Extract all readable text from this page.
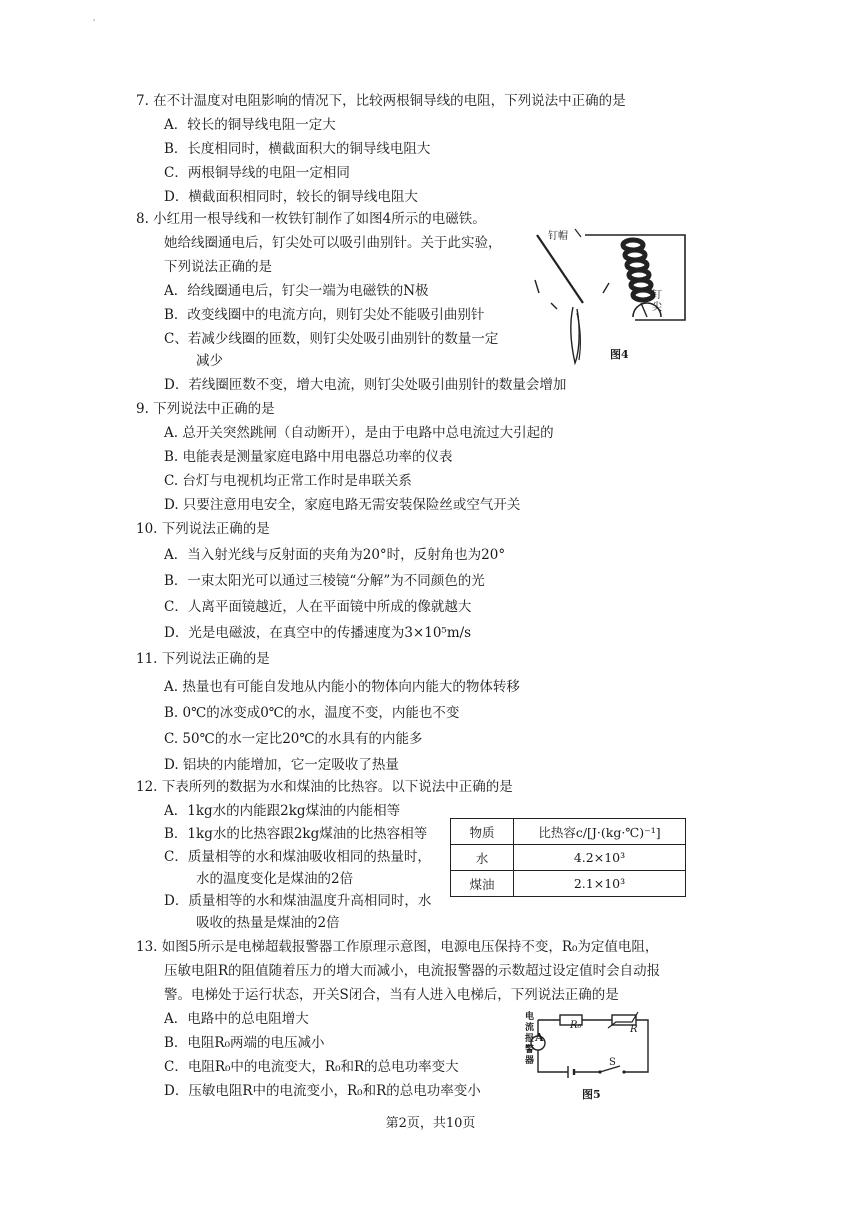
'
7. 在不计温度对电阻影响的情况下，比较两根铜导线的电阻，下列说法中正确的是
A．较长的铜导线电阻一定大
B．长度相同时，横截面积大的铜导线电阻大
C．两根铜导线的电阻一定相同
D．横截面积相同时，较长的铜导线电阻大
8. 小红用一根导线和一枚铁钉制作了如图4所示的电磁铁。
她给线圈通电后，钉尖处可以吸引曲别针。关于此实验，
下列说法正确的是
A．给线圈通电后，钉尖一端为电磁铁的N极
B．改变线圈中的电流方向，则钉尖处不能吸引曲别针
C、若减少线圈的匝数，则钉尖处吸引曲别针的数量一定
减少
D．若线圈匝数不变，增大电流，则钉尖处吸引曲别针的数量会增加
钉帽
钉尖
图4
9. 下列说法中正确的是
A. 总开关突然跳闸（自动断开），是由于电路中总电流过大引起的
B. 电能表是测量家庭电路中用电器总功率的仪表
C. 台灯与电视机均正常工作时是串联关系
D. 只要注意用电安全，家庭电路无需安装保险丝或空气开关
10. 下列说法正确的是
A．当入射光线与反射面的夹角为20°时，反射角也为20°
B．一束太阳光可以通过三棱镜“分解”为不同颜色的光
C．人离平面镜越近，人在平面镜中所成的像就越大
D．光是电磁波，在真空中的传播速度为3×10⁵m/s
11. 下列说法正确的是
A. 热量也有可能自发地从内能小的物体向内能大的物体转移
B. 0℃的冰变成0℃的水，温度不变，内能也不变
C. 50℃的水一定比20℃的水具有的内能多
D. 铝块的内能增加，它一定吸收了热量
12. 下表所列的数据为水和煤油的比热容。以下说法中正确的是
A．1kg水的内能跟2kg煤油的内能相等
B．1kg水的比热容跟2kg煤油的比热容相等
C．质量相等的水和煤油吸收相同的热量时，
水的温度变化是煤油的2倍
D．质量相等的水和煤油温度升高相同时，水
吸收的热量是煤油的2倍
物质	比热容c/[J·(kg·℃)⁻¹]
水	4.2×10³
煤油	2.1×10³
13. 如图5所示是电梯超载报警器工作原理示意图，电源电压保持不变，R₀为定值电阻，
压敏电阻R的阻值随着压力的增大而减小，电流报警器的示数超过设定值时会自动报
警。电梯处于运行状态，开关S闭合，当有人进入电梯后，下列说法正确的是
A．电路中的总电阻增大
B．电阻R₀两端的电压减小
C．电阻R₀中的电流变大，R₀和R的总电功率变大
D．压敏电阻R中的电流变小，R₀和R的总电功率变小
A
R₀	R
S
电流报警器
图5
第2页，共10页
